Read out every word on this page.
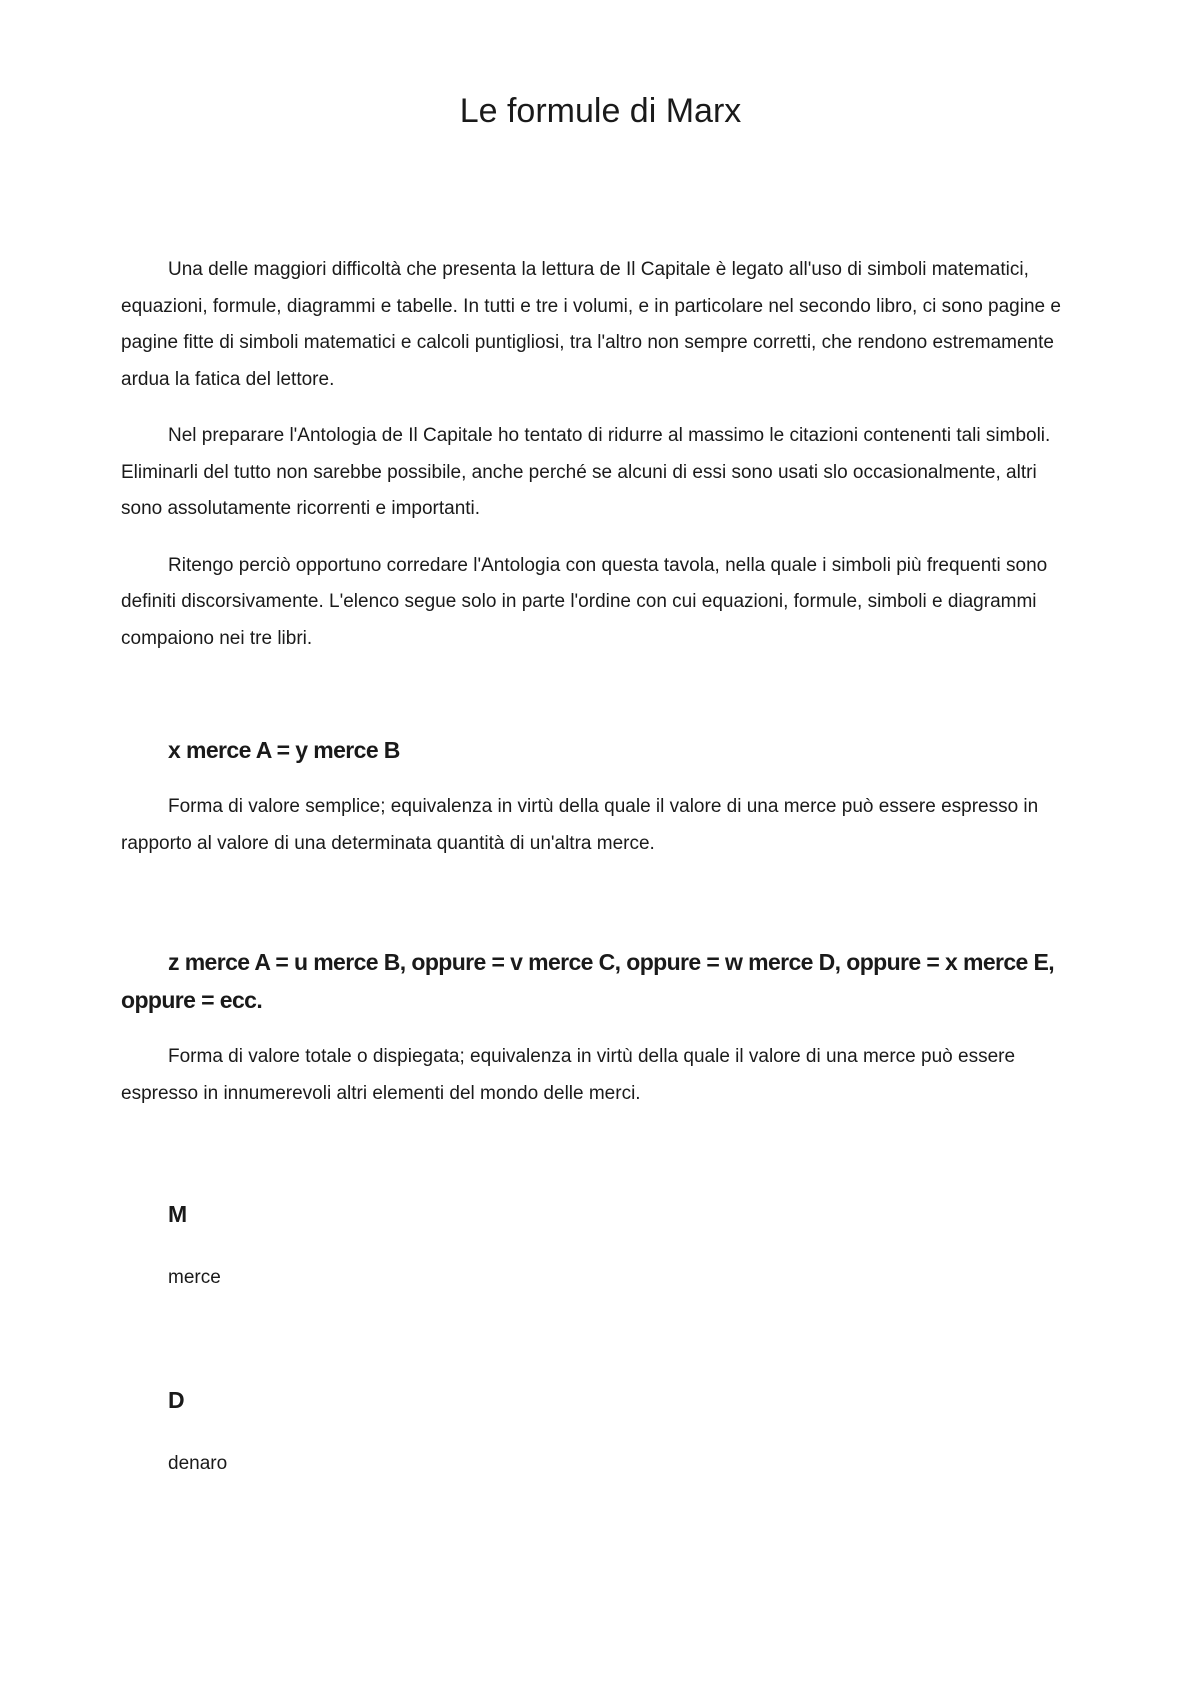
Le formule di Marx

Una delle maggiori difficoltà che presenta la lettura de Il Capitale è legato all'uso di simboli matematici, equazioni, formule, diagrammi e tabelle. In tutti e tre i volumi, e in particolare nel secondo libro, ci sono pagine e pagine fitte di simboli matematici e calcoli puntigliosi, tra l'altro non sempre corretti, che rendono estremamente ardua la fatica del lettore.

Nel preparare l'Antologia de Il Capitale ho tentato di ridurre al massimo le citazioni contenenti tali simboli. Eliminarli del tutto non sarebbe possibile, anche perché se alcuni di essi sono usati slo occasionalmente, altri sono assolutamente ricorrenti e importanti.

Ritengo perciò opportuno corredare l'Antologia con questa tavola, nella quale i simboli più frequenti sono definiti discorsivamente. L'elenco segue solo in parte l'ordine con cui equazioni, formule, simboli e diagrammi compaiono nei tre libri.

x merce A = y merce B

Forma di valore semplice; equivalenza in virtù della quale il valore di una merce può essere espresso in rapporto al valore di una determinata quantità di un'altra merce.

z merce A = u merce B, oppure = v merce C, oppure = w merce D, oppure = x merce E, oppure = ecc.

Forma di valore totale o dispiegata; equivalenza in virtù della quale il valore di una merce può essere espresso in innumerevoli altri elementi del mondo delle merci.

M

merce

D

denaro
